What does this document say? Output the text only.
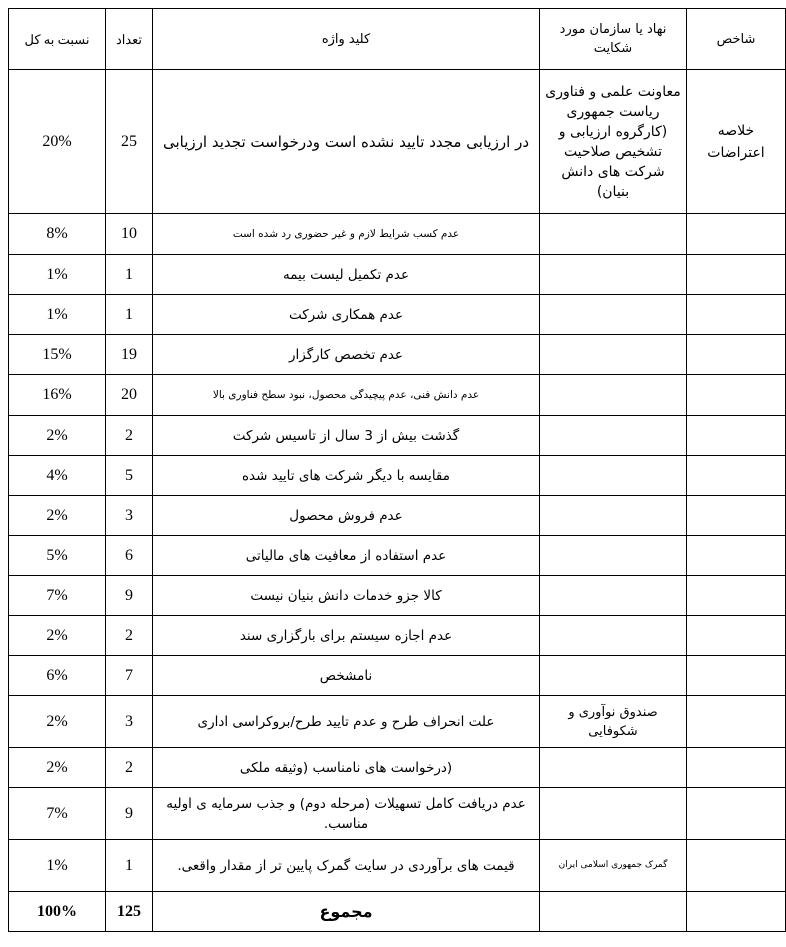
نسبت به کل	تعداد	کلید واژه	نهاد یا سازمان مورد شکایت	شاخص
20%	25	در ارزیابی مجدد تایید نشده است ودرخواست تجدید ارزیابی	معاونت علمی و فناوری ریاست جمهوری (کارگروه ارزیابی و تشخیص صلاحیت شرکت های دانش بنیان)	خلاصه اعتراضات
8%	10	عدم کسب شرایط لازم و غیر حضوری رد شده است		
1%	1	عدم تکمیل لیست بیمه		
1%	1	عدم همکاری شرکت		
15%	19	عدم تخصص کارگزار		
16%	20	عدم دانش فنی، عدم پیچیدگی محصول، نبود سطح فناوری بالا		
2%	2	گذشت بیش از 3 سال از تاسیس شرکت		
4%	5	مقایسه با دیگر شرکت های تایید شده		
2%	3	عدم فروش محصول		
5%	6	عدم استفاده از معافیت های مالیاتی		
7%	9	کالا جزو خدمات دانش بنیان نیست		
2%	2	عدم اجازه سیستم برای بارگزاری سند		
6%	7	نامشخص		
2%	3	علت انحراف طرح و عدم تایید طرح/بروکراسی اداری	صندوق نوآوری و شکوفایی	
2%	2	(درخواست های نامناسب (وثیقه ملکی		
7%	9	عدم دریافت کامل تسهیلات (مرحله دوم) و جذب سرمایه ی اولیه مناسب.		
1%	1	قیمت های برآوردی در سایت گمرک پایین تر از مقدار واقعی.	گمرک جمهوری اسلامی ایران	
100%	125	مجموع		
